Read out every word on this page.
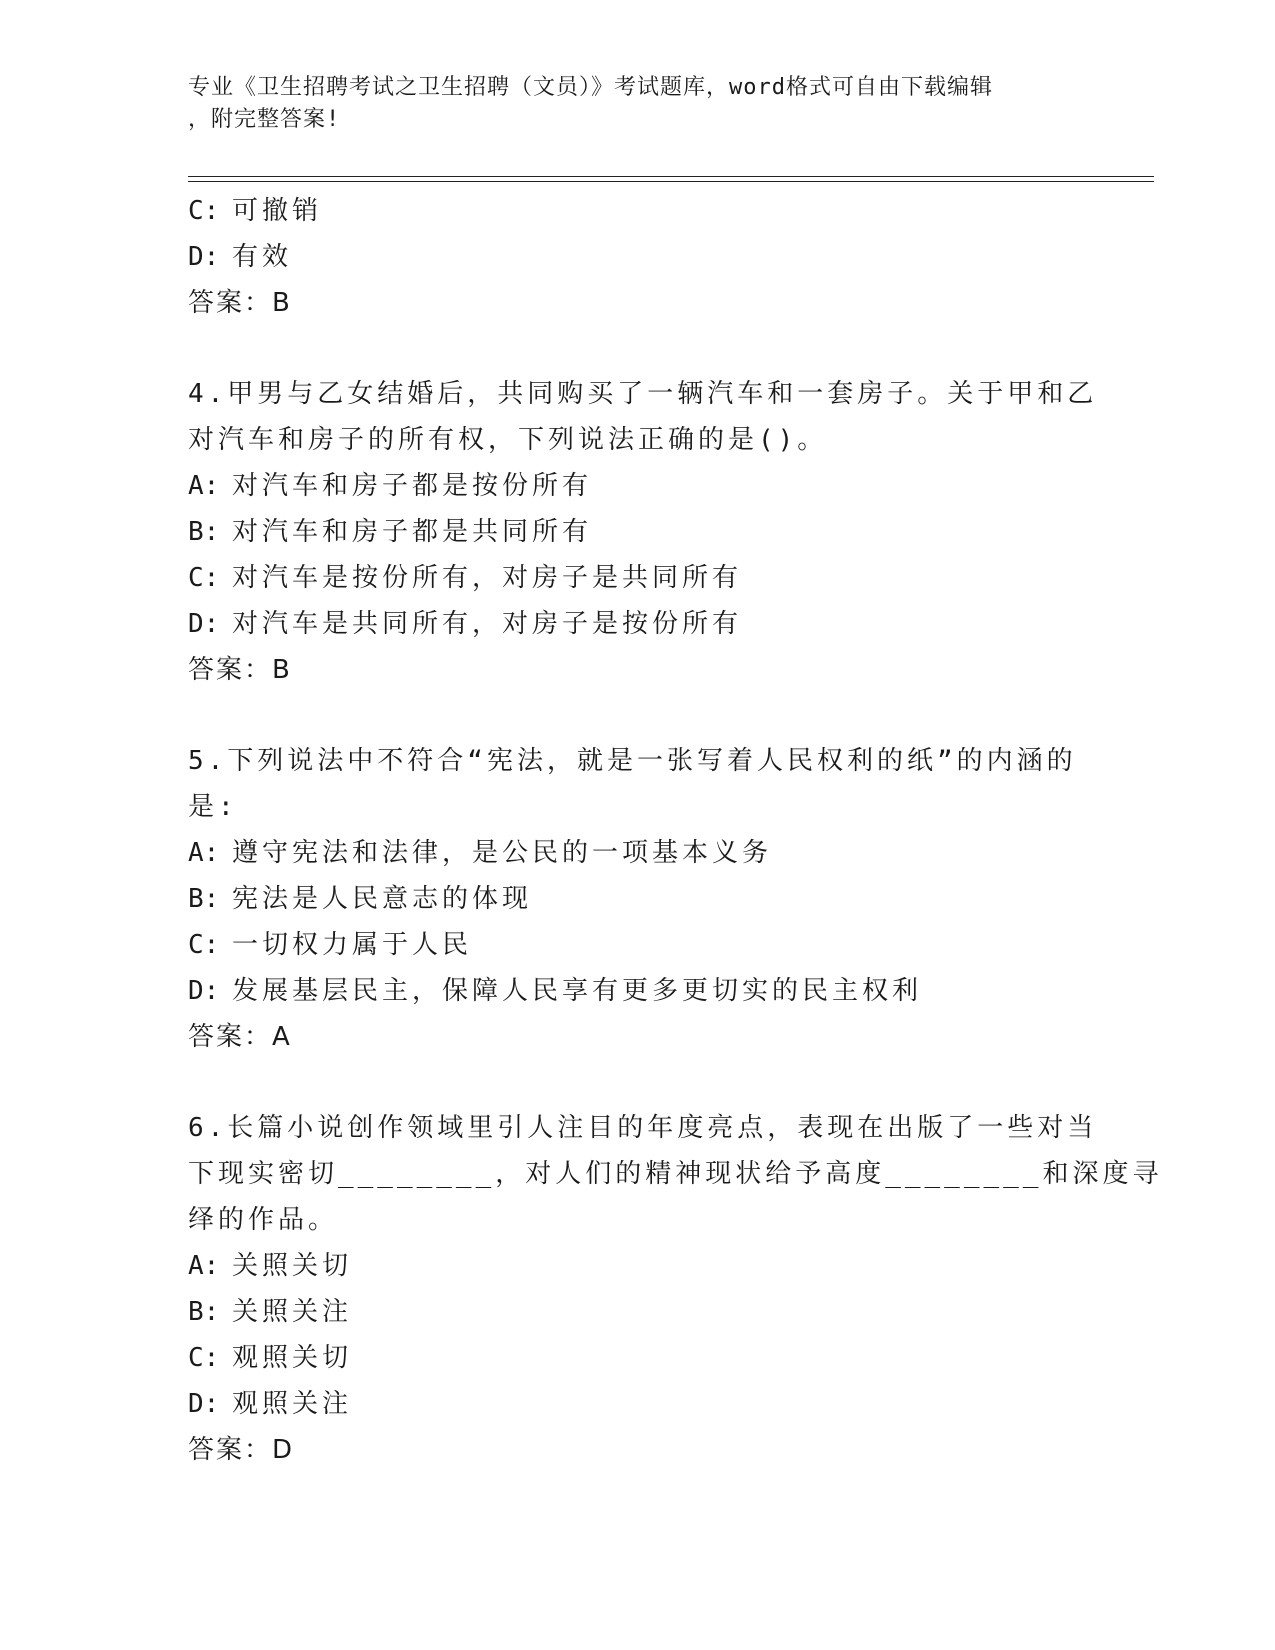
专业《卫生招聘考试之卫生招聘（文员）》考试题库，word格式可自由下载编辑
，附完整答案!
C: 可撤销
D: 有效
答案：B
4.甲男与乙女结婚后，共同购买了一辆汽车和一套房子。关于甲和乙
对汽车和房子的所有权，下列说法正确的是()。
A: 对汽车和房子都是按份所有
B: 对汽车和房子都是共同所有
C: 对汽车是按份所有，对房子是共同所有
D: 对汽车是共同所有，对房子是按份所有
答案：B
5.下列说法中不符合“宪法，就是一张写着人民权利的纸”的内涵的
是:
A: 遵守宪法和法律，是公民的一项基本义务
B: 宪法是人民意志的体现
C: 一切权力属于人民
D: 发展基层民主，保障人民享有更多更切实的民主权利
答案：A
6.长篇小说创作领域里引人注目的年度亮点，表现在出版了一些对当
下现实密切________，对人们的精神现状给予高度________和深度寻
绎的作品。
A: 关照关切
B: 关照关注
C: 观照关切
D: 观照关注
答案：D
